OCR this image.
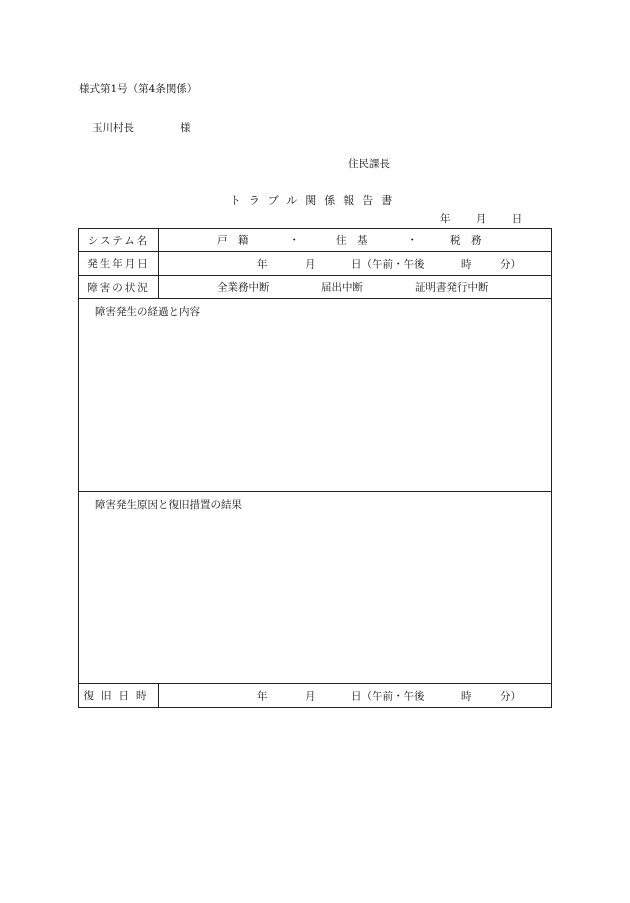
様式第1号（第4条関係）
玉川村長	様
住民課長
トラブル関係報告書
年 月 日
システム名	戸　籍	・	住　基	・	税　務
発生年月日	年	月	日（午前・午後	時	分）
障害の状況	全業務中断	届出中断	証明書発行中断
障害発生の経過と内容
障害発生原因と復旧措置の結果
復旧日時	年	月	日（午前・午後	時	分）
